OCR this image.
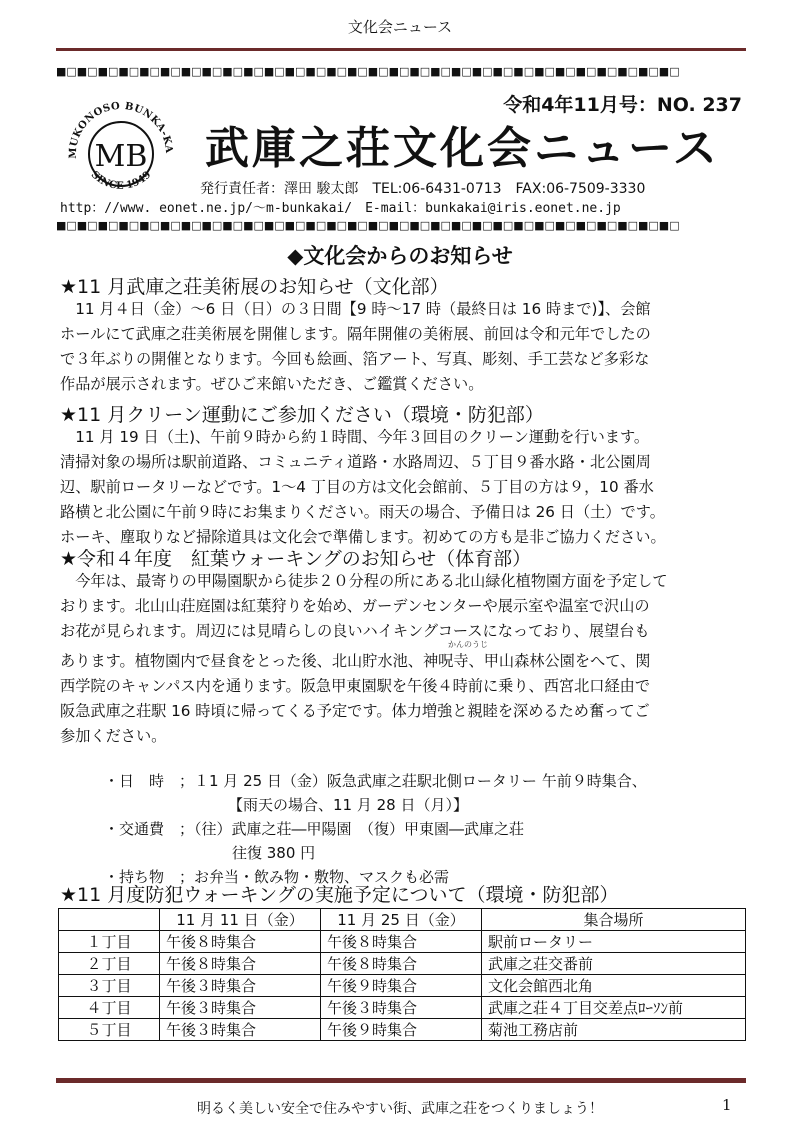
文化会ニュース
■□■□■□■□■□■□■□■□■□■□■□■□■□■□■□■□■□■□■□■□■□■□■□■□■□■□■□■□■□■□
MUKONOSO BUNKA-KA
SINCE 1949
MB
令和4年11月号：NO. 237
武庫之荘文化会ニュース
発行責任者：澤田 駿太郎　TEL:06-6431-0713　FAX:06-7509-3330
http：//www. eonet.ne.jp/～m-bunkakai/　E-mail：bunkakai@iris.eonet.ne.jp
■□■□■□■□■□■□■□■□■□■□■□■□■□■□■□■□■□■□■□■□■□■□■□■□■□■□■□■□■□■□
◆文化会からのお知らせ
★11 月武庫之荘美術展のお知らせ（文化部）

11 月４日（金）～6 日（日）の３日間【9 時～17 時（最終日は 16 時まで)】、会館

ホールにて武庫之荘美術展を開催します。隔年開催の美術展、前回は令和元年でしたの

で３年ぶりの開催となります。今回も絵画、箔アート、写真、彫刻、手工芸など多彩な

作品が展示されます。ぜひご来館いただき、ご鑑賞ください。

★11 月クリーン運動にご参加ください（環境・防犯部）

11 月 19 日（土)、午前９時から約１時間、今年３回目のクリーン運動を行います。

清掃対象の場所は駅前道路、コミュニティ道路・水路周辺、５丁目９番水路・北公園周

辺、駅前ロータリーなどです。1～4 丁目の方は文化会館前、５丁目の方は９，10 番水

路横と北公園に午前９時にお集まりください。雨天の場合、予備日は 26 日（土）です。

ホーキ、塵取りなど掃除道具は文化会で準備します。初めての方も是非ご協力ください。

★令和４年度　紅葉ウォーキングのお知らせ（体育部）
かんのうじ

今年は、最寄りの甲陽園駅から徒歩２０分程の所にある北山緑化植物園方面を予定して

おります。北山山荘庭園は紅葉狩りを始め、ガーデンセンターや展示室や温室で沢山の

お花が見られます。周辺には見晴らしの良いハイキングコースになっており、展望台も

あります。植物園内で昼食をとった後、北山貯水池、神呪寺、甲山森林公園をへて、関

西学院のキャンパス内を通ります。阪急甲東園駅を午後４時前に乗り、西宮北口経由で

阪急武庫之荘駅 16 時頃に帰ってくる予定です。体力増強と親睦を深めるため奮ってご

参加ください。

・日　時　；１1 月 25 日（金）阪急武庫之荘駅北側ロータリー 午前９時集合、
【雨天の場合、11 月 28 日（月）】
・交通費　；（往）武庫之荘―甲陽園　（復）甲東園―武庫之荘
往復 380 円
・持ち物　；お弁当・飲み物・敷物、マスクも必需
★11 月度防犯ウォーキングの実施予定について（環境・防犯部）
	11 月 11 日（金）	11 月 25 日（金）	集合場所
１丁目	午後８時集合	午後８時集合	駅前ロータリー
２丁目	午後８時集合	午後８時集合	武庫之荘交番前
３丁目	午後３時集合	午後９時集合	文化会館西北角
４丁目	午後３時集合	午後３時集合	武庫之荘４丁目交差点ﾛｰｿﾝ前
５丁目	午後３時集合	午後９時集合	菊池工務店前
明るく美しい安全で住みやすい街、武庫之荘をつくりましょう！	1
